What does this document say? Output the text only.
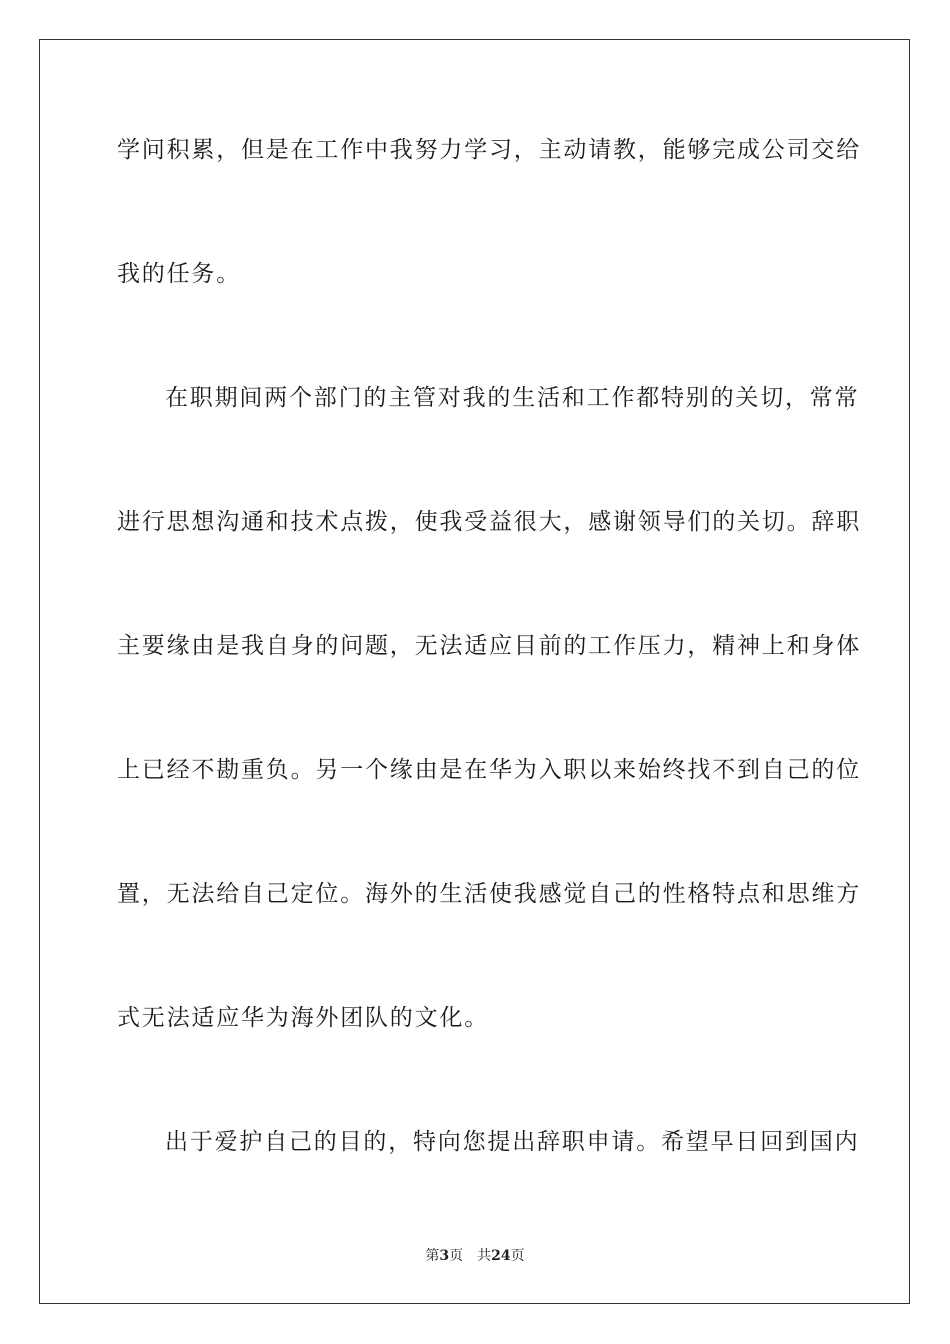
学问积累，但是在工作中我努力学习，主动请教，能够完成公司交给
我的任务。
在职期间两个部门的主管对我的生活和工作都特别的关切，常常
进行思想沟通和技术点拨，使我受益很大，感谢领导们的关切。辞职
主要缘由是我自身的问题，无法适应目前的工作压力，精神上和身体
上已经不勘重负。另一个缘由是在华为入职以来始终找不到自己的位
置，无法给自己定位。海外的生活使我感觉自己的性格特点和思维方
式无法适应华为海外团队的文化。
出于爱护自己的目的，特向您提出辞职申请。希望早日回到国内
第3页 共24页
